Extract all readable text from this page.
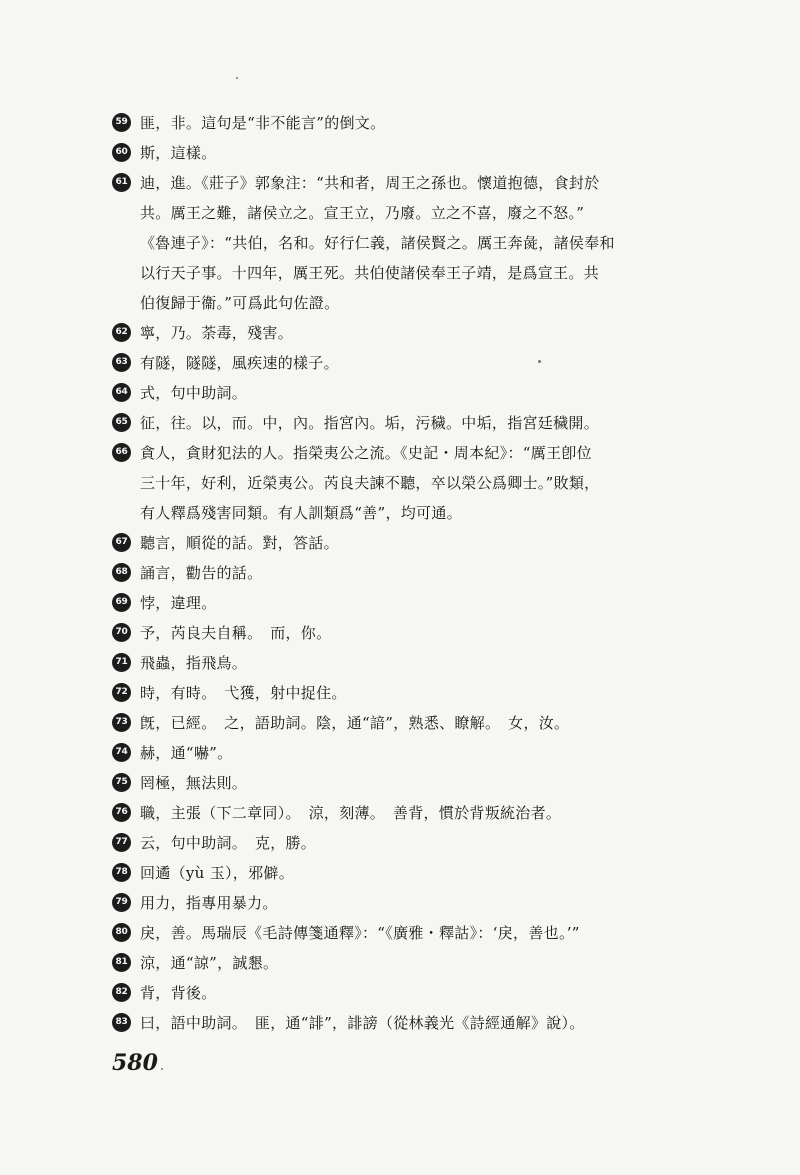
59 匪，非。這句是“非不能言”的倒文。
60 斯，這樣。
61 迪，進。《莊子》郭象注：“共和者，周王之孫也。懷道抱德，食封於
共。厲王之難，諸侯立之。宣王立，乃廢。立之不喜，廢之不怒。”
《魯連子》：“共伯，名和。好行仁義，諸侯賢之。厲王奔彘，諸侯奉和
以行天子事。十四年，厲王死。共伯使諸侯奉王子靖，是爲宣王。共
伯復歸于衞。”可爲此句佐證。
62 寧，乃。荼毒，殘害。
63 有隧，隧隧，風疾速的樣子。
64 式，句中助詞。
65 征，往。以，而。中，內。指宮內。垢，污穢。中垢，指宮廷穢開。
66 貪人，貪財犯法的人。指榮夷公之流。《史記・周本紀》：“厲王卽位
三十年，好利，近榮夷公。芮良夫諫不聽，卒以榮公爲卿士。”敗類，
有人釋爲殘害同類。有人訓類爲“善”，均可通。
67 聽言，順從的話。對，答話。
68 誦言，勸告的話。
69 悖，違理。
70 予，芮良夫自稱。　而，你。
71 飛蟲，指飛鳥。
72 時，有時。　弋獲，射中捉住。
73 旣，已經。　之，語助詞。陰，通“諳”，熟悉、瞭解。　女，汝。
74 赫，通“嚇”。
75 罔極，無法則。
76 職，主張（下二章同）。　涼，刻薄。　善背，慣於背叛統治者。
77 云，句中助詞。　克，勝。
78 回遹（yù 玉），邪僻。
79 用力，指專用暴力。
80 戾，善。馬瑞辰《毛詩傳箋通釋》：“《廣雅・釋詁》：‘戾，善也。’”
81 涼，通“諒”，誠懇。
82 背，背後。
83 曰，語中助詞。　匪，通“誹”，誹謗（從林義光《詩經通解》說）。
580
